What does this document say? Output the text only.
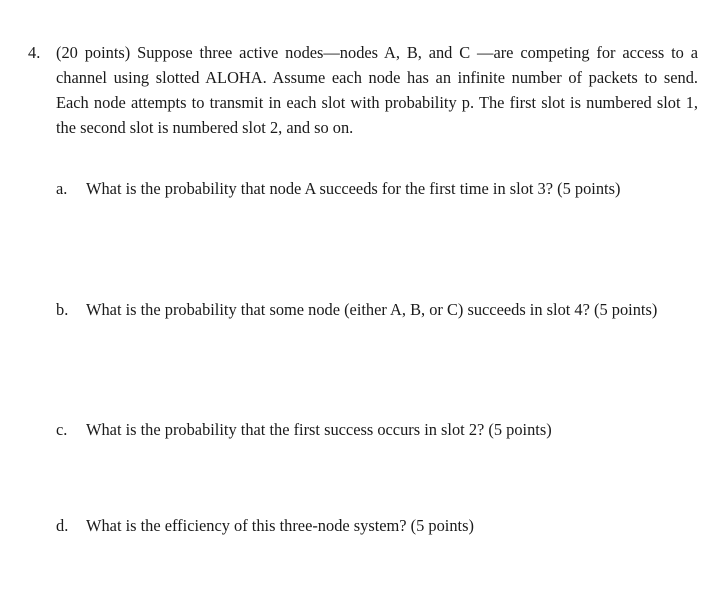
4. (20 points) Suppose three active nodes—nodes A, B, and C —are competing for access to a channel using slotted ALOHA. Assume each node has an infinite number of packets to send. Each node attempts to transmit in each slot with probability p. The first slot is numbered slot 1, the second slot is numbered slot 2, and so on.
a. What is the probability that node A succeeds for the first time in slot 3? (5 points)
b. What is the probability that some node (either A, B, or C) succeeds in slot 4? (5 points)
c. What is the probability that the first success occurs in slot 2? (5 points)
d. What is the efficiency of this three-node system? (5 points)
